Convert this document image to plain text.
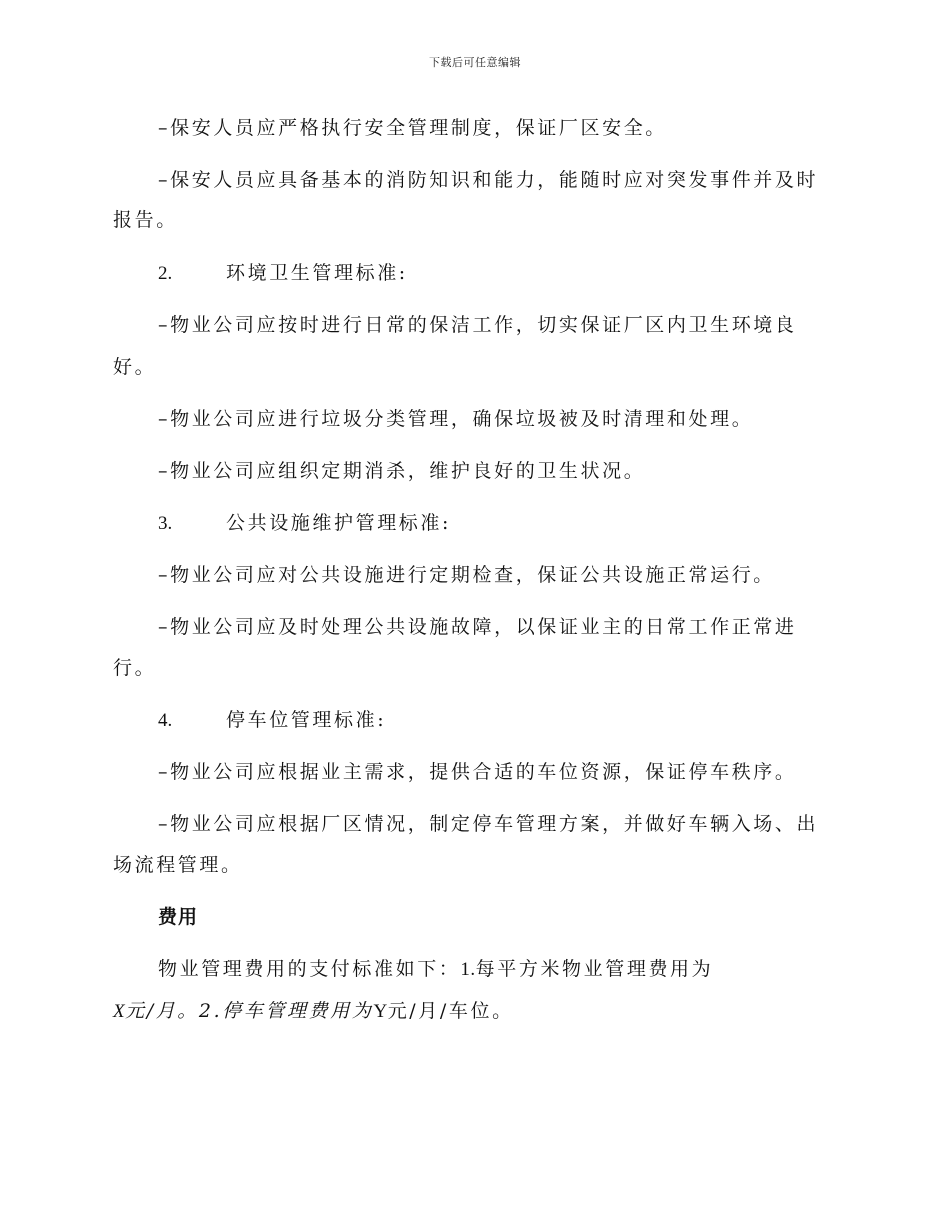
下载后可任意编辑
–保安人员应严格执行安全管理制度，保证厂区安全。
–保安人员应具备基本的消防知识和能力，能随时应对突发事件并及时
报告。
2.	环境卫生管理标准:
–物业公司应按时进行日常的保洁工作，切实保证厂区内卫生环境良
好。
–物业公司应进行垃圾分类管理，确保垃圾被及时清理和处理。
–物业公司应组织定期消杀，维护良好的卫生状况。
3.	公共设施维护管理标准:
–物业公司应对公共设施进行定期检查，保证公共设施正常运行。
–物业公司应及时处理公共设施故障，以保证业主的日常工作正常进
行。
4.	停车位管理标准:
–物业公司应根据业主需求，提供合适的车位资源，保证停车秩序。
–物业公司应根据厂区情况，制定停车管理方案，并做好车辆入场、出
场流程管理。
费用
物业管理费用的支付标准如下：1.每平方米物业管理费用为
X元/月。2.停车管理费用为Y元/月/车位。
